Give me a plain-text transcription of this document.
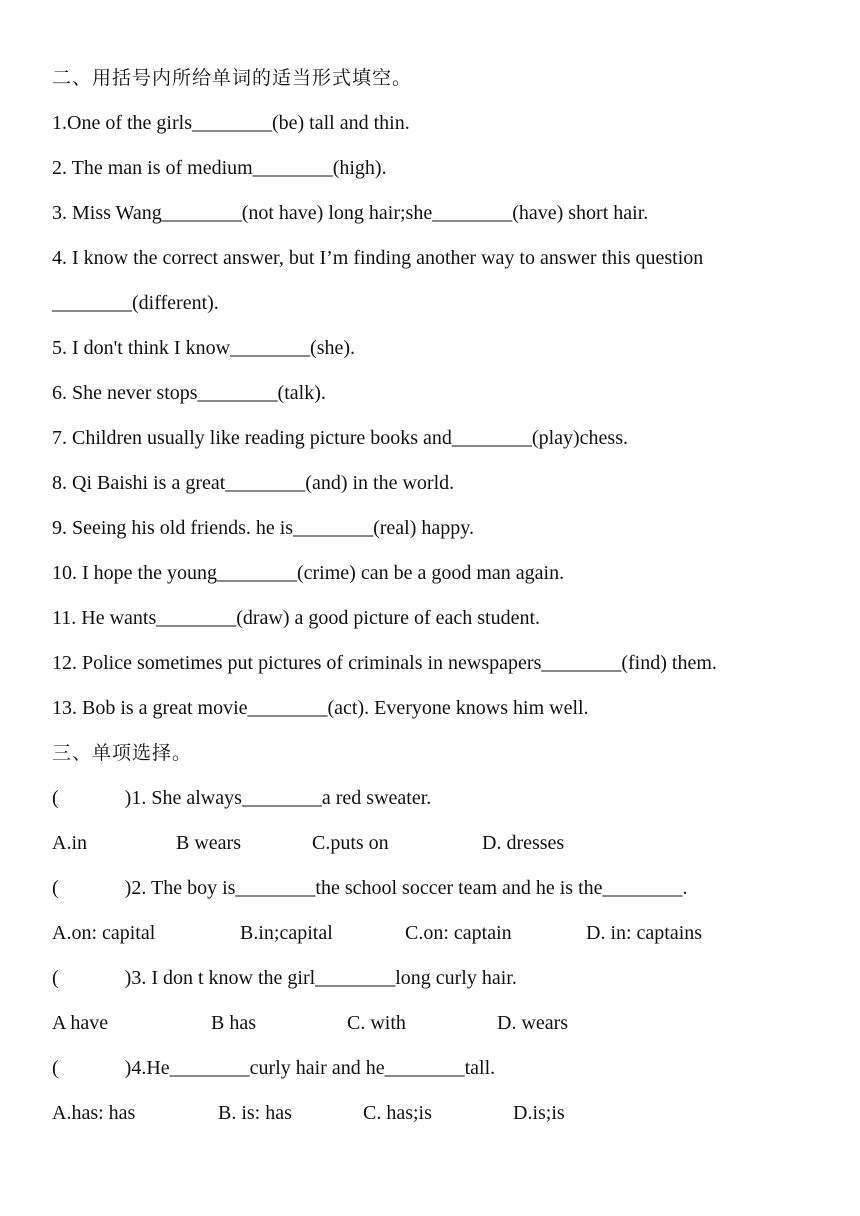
二、用括号内所给单词的适当形式填空。
1.One of the girls________(be) tall and thin.
2. The man is of medium________(high).
3. Miss Wang________(not have) long hair;she________(have) short hair.
4. I know the correct answer, but I’m finding another way to answer this question
________(different).
5. I don't think I know________(she).
6. She never stops________(talk).
7. Children usually like reading picture books and________(play)chess.
8. Qi Baishi is a great________(and) in the world.
9. Seeing his old friends. he is________(real) happy.
10. I hope the young________(crime) can be a good man again.
11. He wants________(draw) a good picture of each student.
12. Police sometimes put pictures of criminals in newspapers________(find) them.
13. Bob is a great movie________(act). Everyone knows him well.
三、单项选择。
(	)1. She always________a red sweater.
A.in	B wears	C.puts on	D. dresses
(	)2. The boy is________the school soccer team and he is the________.
A.on: capital	B.in;capital	C.on: captain	D. in: captains
(	)3. I don t know the girl________long curly hair.
A have	B has	C. with	D. wears
(	)4.He________curly hair and he________tall.
A.has: has	B. is: has	C. has;is	D.is;is
